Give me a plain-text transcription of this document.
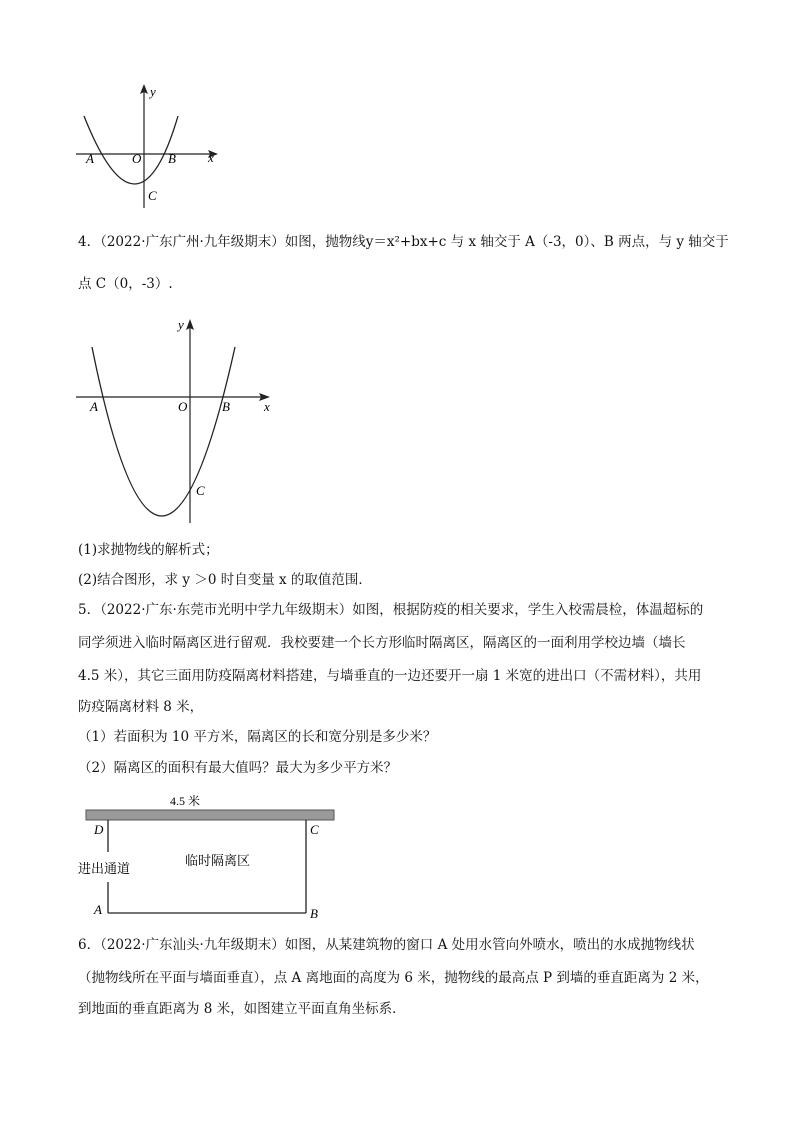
y
x
A	O B
C
4．（2022·广东广州·九年级期末）如图，抛物线y＝x²+bx+c 与 x 轴交于 A（-3，0）、B 两点，与 y 轴交于
点 C（0，-3）.
y
x
A	O	B
C
(1)求抛物线的解析式；
(2)结合图形，求 y ＞0 时自变量 x 的取值范围．
5．（2022·广东·东莞市光明中学九年级期末）如图，根据防疫的相关要求，学生入校需晨检，体温超标的
同学须进入临时隔离区进行留观．我校要建一个长方形临时隔离区，隔离区的一面利用学校边墙（墙长
4.5 米），其它三面用防疫隔离材料搭建，与墙垂直的一边还要开一扇 1 米宽的进出口（不需材料），共用
防疫隔离材料 8 米，
（1）若面积为 10 平方米，隔离区的长和宽分别是多少米？
（2）隔离区的面积有最大值吗？最大为多少平方米？
4.5 米
D	C
A	B
进出通道
临时隔离区
6．（2022·广东汕头·九年级期末）如图，从某建筑物的窗口 A 处用水管向外喷水，喷出的水成抛物线状
（抛物线所在平面与墙面垂直），点 A 离地面的高度为 6 米，抛物线的最高点 P 到墙的垂直距离为 2 米，
到地面的垂直距离为 8 米，如图建立平面直角坐标系．
